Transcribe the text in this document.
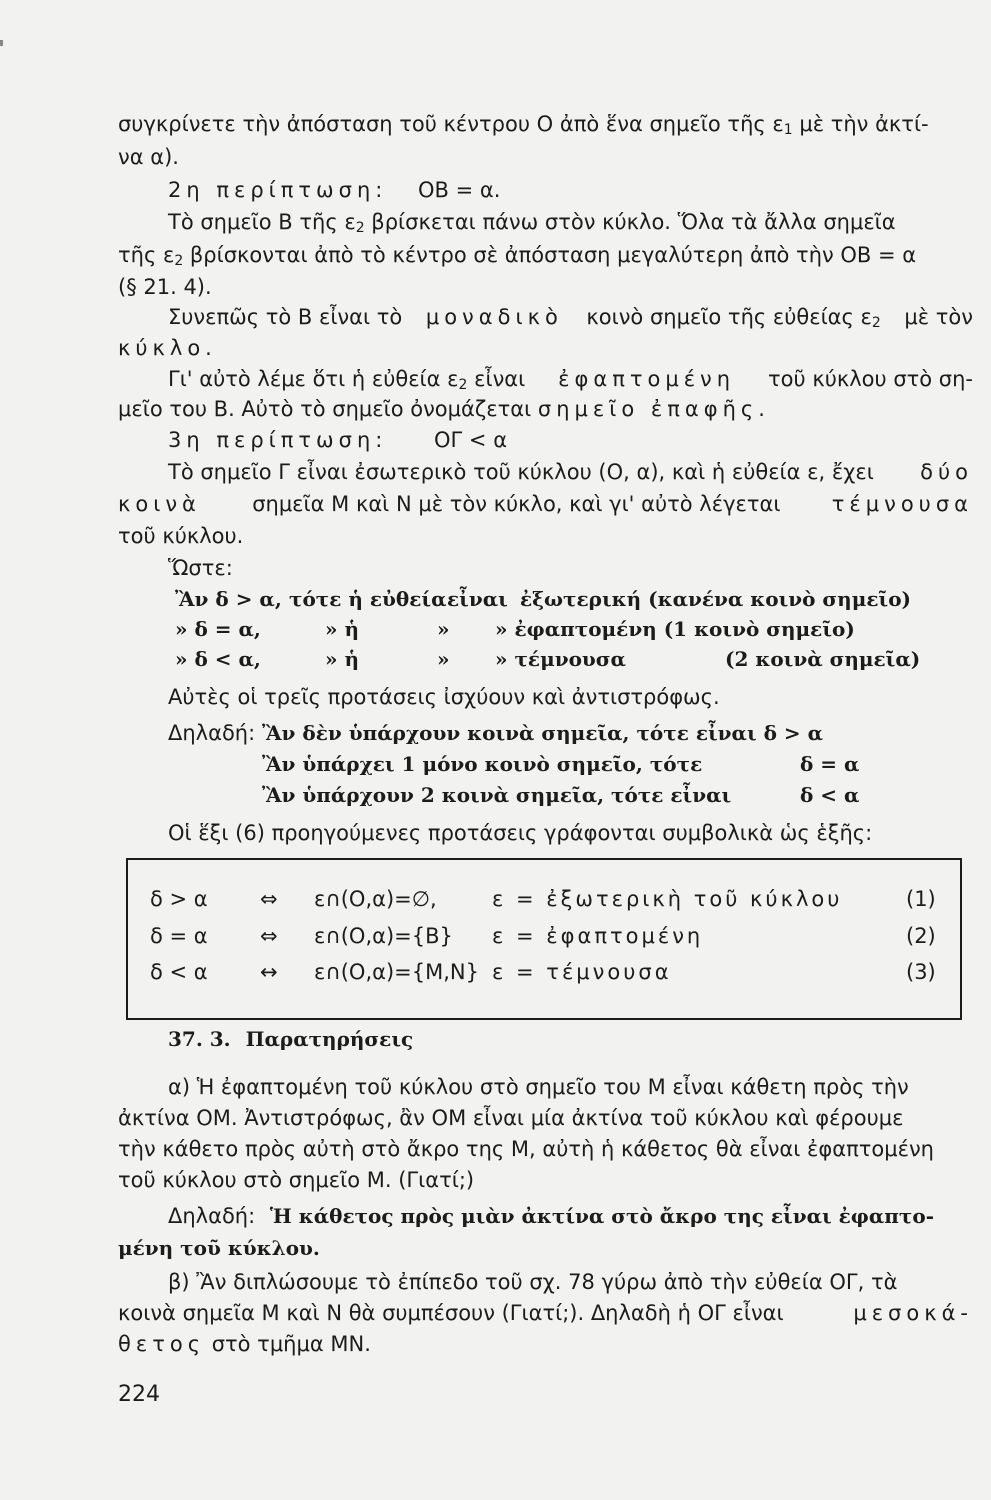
συγκρίνετε τὴν ἀπόσταση τοῦ κέντρου Ο ἀπὸ ἕνα σημεῖο τῆς $\varepsilon_1$ μὲ τὴν ἀκτί-
να α).
2η περίπτωση: ΟΒ = α.
Τὸ σημεῖο Β τῆς $\varepsilon_2$ βρίσκεται πάνω στὸν κύκλο. Ὅλα τὰ ἄλλα σημεῖα
τῆς $\varepsilon_2$ βρίσκονται ἀπὸ τὸ κέντρο σὲ ἀπόσταση μεγαλύτερη ἀπὸ τὴν ΟΒ = α
(§ 21. 4).
Συνεπῶς τὸ Β εἶναι τὸ μοναδικὸ κοινὸ σημεῖο τῆς εὐθείας $\varepsilon_2$ μὲ τὸν
κύκλο.
Γι' αὐτὸ λέμε ὅτι ἡ εὐθεία $\varepsilon_2$ εἶναι ἐφαπτομένη τοῦ κύκλου στὸ ση-
μεῖο του Β. Αὐτὸ τὸ σημεῖο ὀνομάζεται σημεῖο ἐπαφῆς.
3η περίπτωση: ΟΓ < α
Τὸ σημεῖο Γ εἶναι ἐσωτερικὸ τοῦ κύκλου (Ο, α), καὶ ἡ εὐθεία ε, ἔχει δύο
κοινὰ σημεῖα Μ καὶ Ν μὲ τὸν κύκλο, καὶ γι' αὐτὸ λέγεται τέμνουσα
τοῦ κύκλου.
Ὥστε:
Ἂν δ > α, τότε ἡ εὐθεία εἶναι ἐξωτερική (κανένα κοινὸ σημεῖο)
» δ = α,	» ἡ	» » ἐφαπτομένη (1 κοινὸ σημεῖο)
» δ < α,	» ἡ	» » τέμνουσα	(2 κοινὰ σημεῖα)
Αὐτὲς οἱ τρεῖς προτάσεις ἰσχύουν καὶ ἀντιστρόφως.
Δηλαδή: Ἂν δὲν ὑπάρχουν κοινὰ σημεῖα, τότε εἶναι δ > α
Ἂν ὑπάρχει 1 μόνο κοινὸ σημεῖο, τότε	δ = α
Ἂν ὑπάρχουν 2 κοινὰ σημεῖα, τότε εἶναι	δ < α
Οἱ ἕξι (6) προηγούμενες προτάσεις γράφονται συμβολικὰ ὡς ἑξῆς:
δ > α ⇔ ε∩(Ο,α)=∅,	ε = ἐξωτερικὴ τοῦ κύκλου	(1)
δ = α ⇔ ε∩(Ο,α)={Β} ε = ἐφαπτομένη	(2)
δ < α ↔ ε∩(Ο,α)={Μ,Ν} ε = τέμνουσα	(3)
37. 3. Παρατηρήσεις
α) Ἡ ἐφαπτομένη τοῦ κύκλου στὸ σημεῖο του Μ εἶναι κάθετη πρὸς τὴν
ἀκτίνα ΟΜ. Ἀντιστρόφως, ἂν ΟΜ εἶναι μία ἀκτίνα τοῦ κύκλου καὶ φέρουμε
τὴν κάθετο πρὸς αὐτὴ στὸ ἄκρο της Μ, αὐτὴ ἡ κάθετος θὰ εἶναι ἐφαπτομένη
τοῦ κύκλου στὸ σημεῖο Μ. (Γιατί;)
Δηλαδή: Ἡ κάθετος πρὸς μιὰν ἀκτίνα στὸ ἄκρο της εἶναι ἐφαπτο-
μένη τοῦ κύκλου.
β) Ἂν διπλώσουμε τὸ ἐπίπεδο τοῦ σχ. 78 γύρω ἀπὸ τὴν εὐθεία ΟΓ, τὰ
κοινὰ σημεῖα Μ καὶ Ν θὰ συμπέσουν (Γιατί;). Δηλαδὴ ἡ ΟΓ εἶναι	μεσοκά-
θετος στὸ τμῆμα ΜΝ.
224
